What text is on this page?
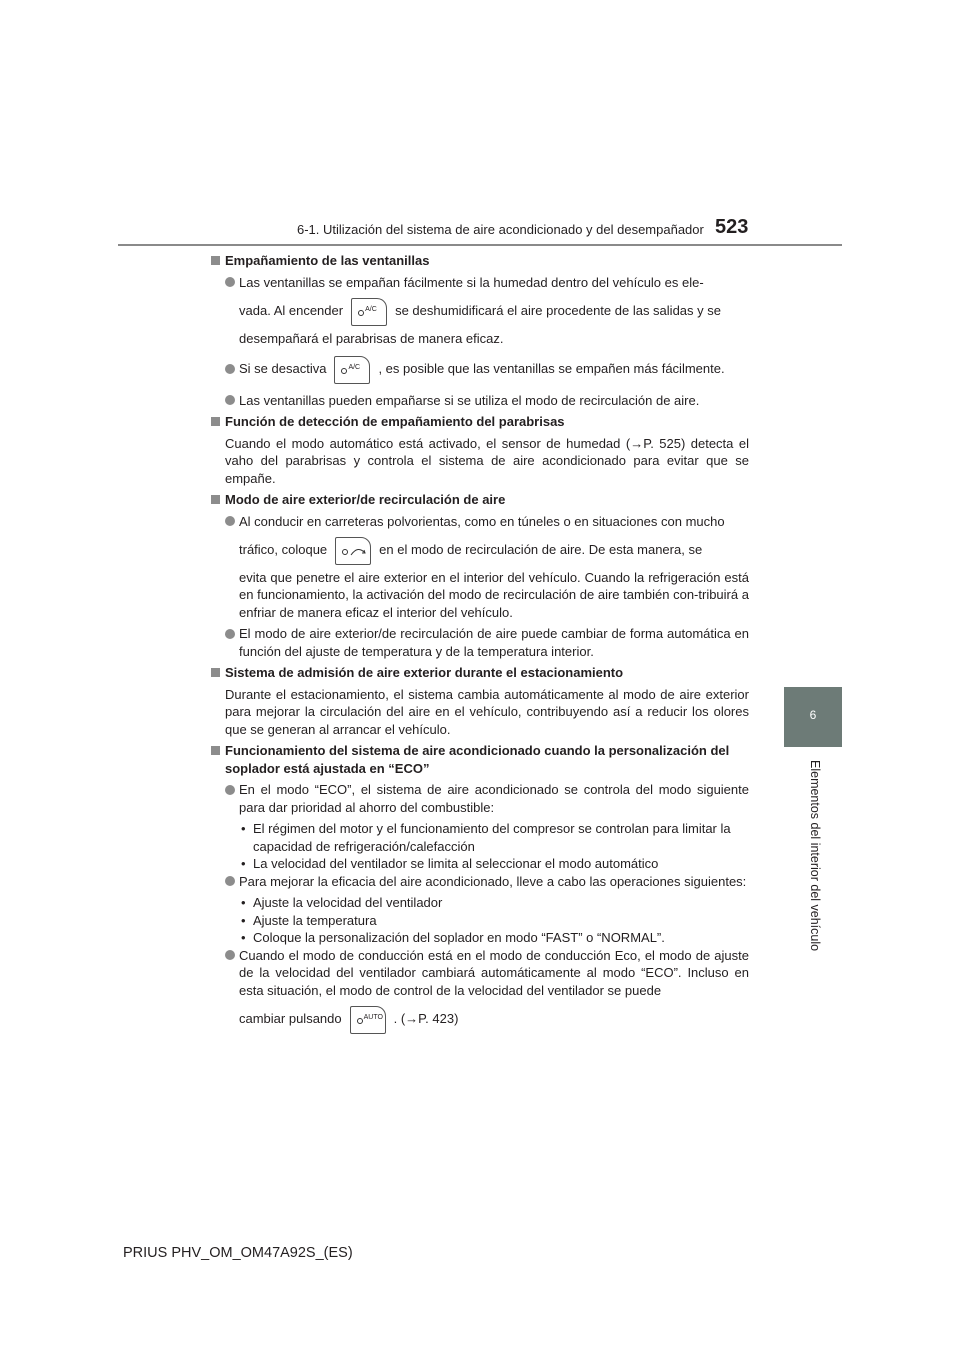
6-1. Utilización del sistema de aire acondicionado y del desempañador 523
6
Elementos del interior del vehículo

Empañamiento de las ventanillas

Las ventanillas se empañan fácilmente si la humedad dentro del vehículo es ele-

vada. Al encender	A/C se deshumidificará el aire procedente de las salidas y se

desempañará el parabrisas de manera eficaz.

Si se desactiva	A/C , es posible que las ventanillas se empañen más fácilmente.

Las ventanillas pueden empañarse si se utiliza el modo de recirculación de aire.

Función de detección de empañamiento del parabrisas

Cuando el modo automático está activado, el sensor de humedad (→P. 525) detecta el vaho del parabrisas y controla el sistema de aire acondicionado para evitar que se empañe.

Modo de aire exterior/de recirculación de aire

Al conducir en carreteras polvorientas, como en túneles o en situaciones con mucho

tráfico, coloque	en el modo de recirculación de aire. De esta manera, se

evita que penetre el aire exterior en el interior del vehículo. Cuando la refrigeración está en funcionamiento, la activación del modo de recirculación de aire también con-tribuirá a enfriar de manera eficaz el interior del vehículo.

El modo de aire exterior/de recirculación de aire puede cambiar de forma automática en función del ajuste de temperatura y de la temperatura interior.

Sistema de admisión de aire exterior durante el estacionamiento

Durante el estacionamiento, el sistema cambia automáticamente al modo de aire exterior para mejorar la circulación del aire en el vehículo, contribuyendo así a reducir los olores que se generan al arrancar el vehículo.

Funcionamiento del sistema de aire acondicionado cuando la personalización del soplador está ajustada en “ECO”

En el modo “ECO”, el sistema de aire acondicionado se controla del modo siguiente para dar prioridad al ahorro del combustible:

• El régimen del motor y el funcionamiento del compresor se controlan para limitar la capacidad de refrigeración/calefacción

• La velocidad del ventilador se limita al seleccionar el modo automático

Para mejorar la eficacia del aire acondicionado, lleve a cabo las operaciones siguientes:

• Ajuste la velocidad del ventilador

• Ajuste la temperatura

• Coloque la personalización del soplador en modo “FAST” o “NORMAL”.

Cuando el modo de conducción está en el modo de conducción Eco, el modo de ajuste de la velocidad del ventilador cambiará automáticamente al modo “ECO”. Incluso en esta situación, el modo de control de la velocidad del ventilador se puede

cambiar pulsando	AUTO . (→P. 423)

PRIUS PHV_OM_OM47A92S_(ES)
